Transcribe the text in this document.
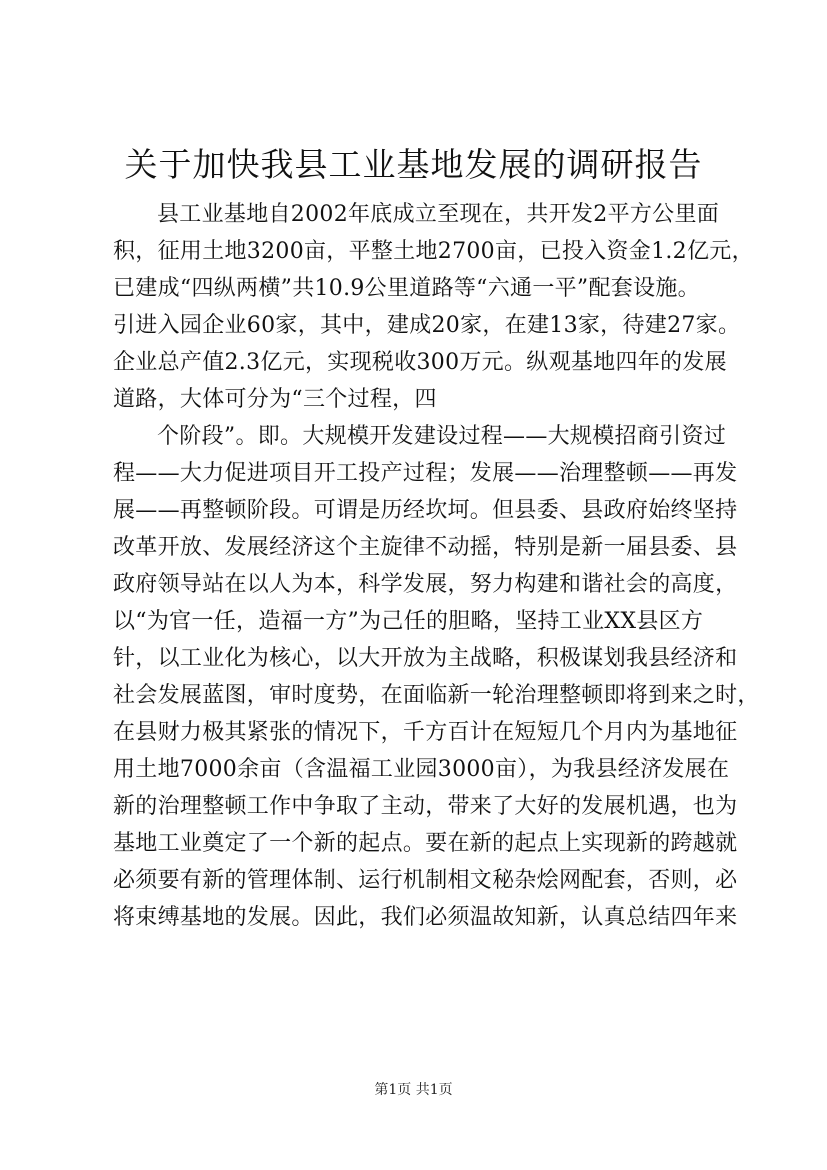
关于加快我县工业基地发展的调研报告
县工业基地自2002年底成立至现在，共开发2平方公里面
积，征用土地3200亩，平整土地2700亩，已投入资金1.2亿元，
已建成“四纵两横”共10.9公里道路等“六通一平”配套设施。
引进入园企业60家，其中，建成20家，在建13家，待建27家。
企业总产值2.3亿元，实现税收300万元。纵观基地四年的发展
道路，大体可分为“三个过程，四
个阶段”。即。大规模开发建设过程——大规模招商引资过
程——大力促进项目开工投产过程；发展——治理整顿——再发
展——再整顿阶段。可谓是历经坎坷。但县委、县政府始终坚持
改革开放、发展经济这个主旋律不动摇，特别是新一届县委、县
政府领导站在以人为本，科学发展，努力构建和谐社会的高度，
以“为官一任，造福一方”为己任的胆略，坚持工业XX县区方
针，以工业化为核心，以大开放为主战略，积极谋划我县经济和
社会发展蓝图，审时度势，在面临新一轮治理整顿即将到来之时，
在县财力极其紧张的情况下，千方百计在短短几个月内为基地征
用土地7000余亩（含温福工业园3000亩），为我县经济发展在
新的治理整顿工作中争取了主动，带来了大好的发展机遇，也为
基地工业奠定了一个新的起点。要在新的起点上实现新的跨越就
必须要有新的管理体制、运行机制相文秘杂烩网配套，否则，必
将束缚基地的发展。因此，我们必须温故知新，认真总结四年来
第1页 共1页
